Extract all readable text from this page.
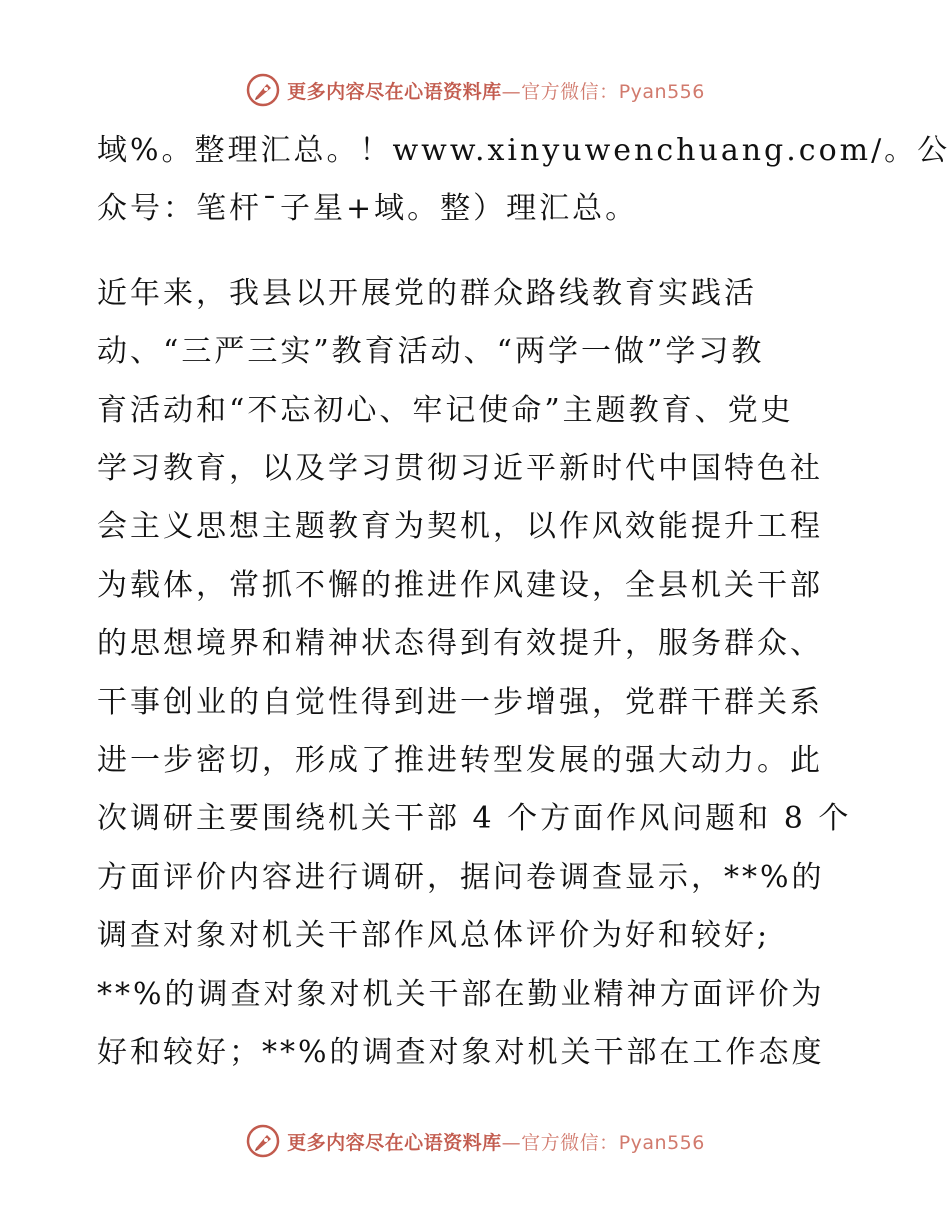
更多内容尽在心语资料库—官方微信：Pyan556

域%。整理汇总。！www.xinyuwenchuang.com/。公
众号：笔杆¯子星+域。整）理汇总。

近年来，我县以开展党的群众路线教育实践活
动、“三严三实”教育活动、“两学一做”学习教
育活动和“不忘初心、牢记使命”主题教育、党史
学习教育，以及学习贯彻习近平新时代中国特色社
会主义思想主题教育为契机，以作风效能提升工程
为载体，常抓不懈的推进作风建设，全县机关干部
的思想境界和精神状态得到有效提升，服务群众、
干事创业的自觉性得到进一步增强，党群干群关系
进一步密切，形成了推进转型发展的强大动力。此
次调研主要围绕机关干部 4 个方面作风问题和 8 个
方面评价内容进行调研，据问卷调查显示，**%的
调查对象对机关干部作风总体评价为好和较好;
**%的调查对象对机关干部在勤业精神方面评价为
好和较好；**%的调查对象对机关干部在工作态度

更多内容尽在心语资料库—官方微信：Pyan556
